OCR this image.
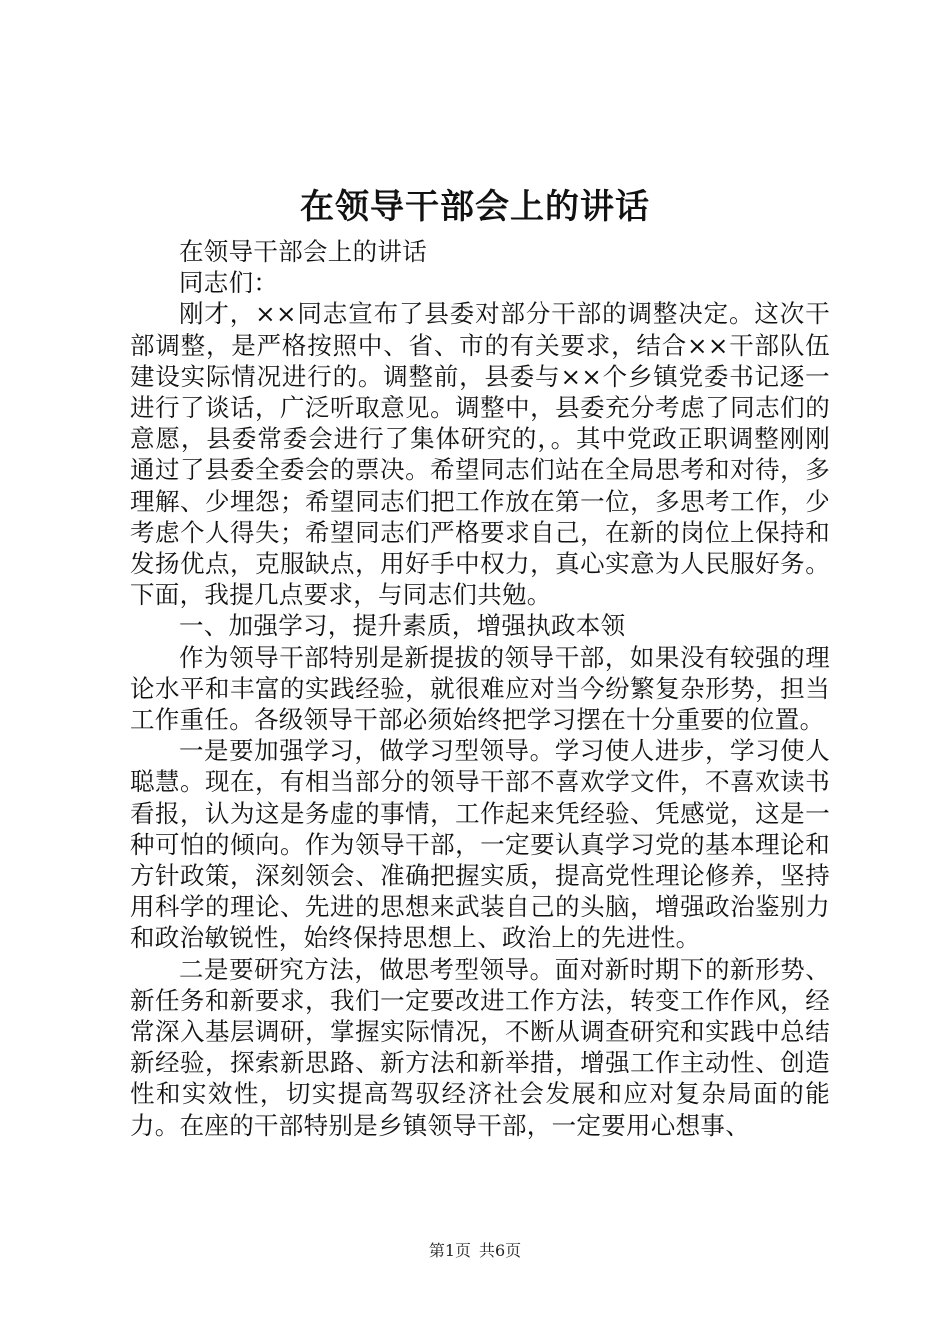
在领导干部会上的讲话

在领导干部会上的讲话

同志们：

刚才，××同志宣布了县委对部分干部的调整决定。这次干部调整，是严格按照中、省、市的有关要求，结合××干部队伍建设实际情况进行的。调整前，县委与××个乡镇党委书记逐一进行了谈话，广泛听取意见。调整中，县委充分考虑了同志们的意愿，县委常委会进行了集体研究的，。其中党政正职调整刚刚通过了县委全委会的票决。希望同志们站在全局思考和对待，多理解、少埋怨；希望同志们把工作放在第一位，多思考工作，少考虑个人得失；希望同志们严格要求自己，在新的岗位上保持和发扬优点，克服缺点，用好手中权力，真心实意为人民服好务。下面，我提几点要求，与同志们共勉。

一、加强学习，提升素质，增强执政本领

作为领导干部特别是新提拔的领导干部，如果没有较强的理论水平和丰富的实践经验，就很难应对当今纷繁复杂形势，担当工作重任。各级领导干部必须始终把学习摆在十分重要的位置。

一是要加强学习，做学习型领导。学习使人进步，学习使人聪慧。现在，有相当部分的领导干部不喜欢学文件，不喜欢读书看报，认为这是务虚的事情，工作起来凭经验、凭感觉，这是一种可怕的倾向。作为领导干部，一定要认真学习党的基本理论和方针政策，深刻领会、准确把握实质，提高党性理论修养，坚持用科学的理论、先进的思想来武装自己的头脑，增强政治鉴别力和政治敏锐性，始终保持思想上、政治上的先进性。

二是要研究方法，做思考型领导。面对新时期下的新形势、新任务和新要求，我们一定要改进工作方法，转变工作作风，经常深入基层调研，掌握实际情况，不断从调查研究和实践中总结新经验，探索新思路、新方法和新举措，增强工作主动性、创造性和实效性，切实提高驾驭经济社会发展和应对复杂局面的能力。在座的干部特别是乡镇领导干部，一定要用心想事、

第1页 共6页
